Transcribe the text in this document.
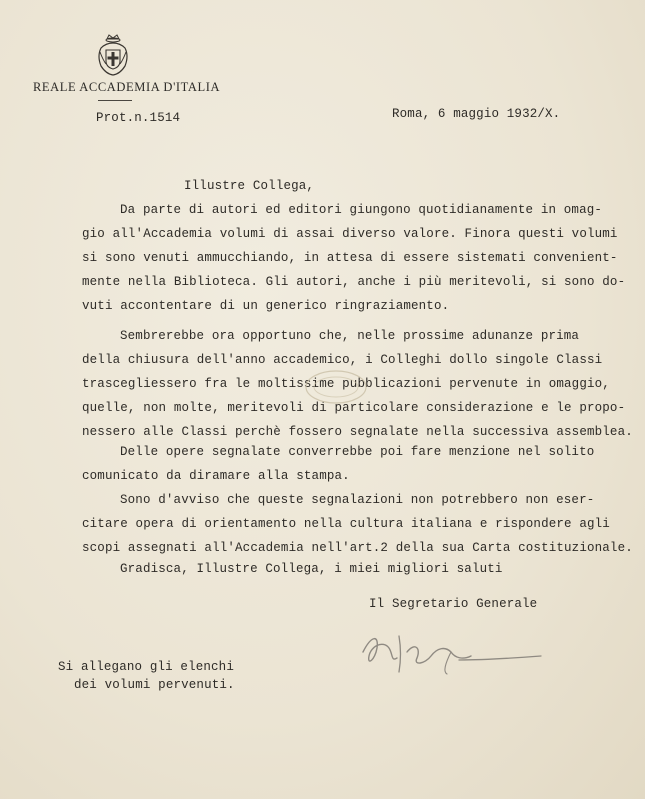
REALE ACCADEMIA D'ITALIA
Prot.n.1514	Roma, 6 maggio 1932/X.
Illustre Collega,
Da parte di autori ed editori giungono quotidianamente in omag-
gio all'Accademia volumi di assai diverso valore. Finora questi volumi
si sono venuti ammucchiando, in attesa di essere sistemati convenient-
mente nella Biblioteca. Gli autori, anche i più meritevoli, si sono do-
vuti accontentare di un generico ringraziamento.
Sembrerebbe ora opportuno che, nelle prossime adunanze prima
della chiusura dell'anno accademico, i Colleghi dollo singole Classi
trascegliessero fra le moltissime pubblicazioni pervenute in omaggio,
quelle, non molte, meritevoli di particolare considerazione e le propo-
nessero alle Classi perchè fossero segnalate nella successiva assemblea.
Delle opere segnalate converrebbe poi fare menzione nel solito
comunicato da diramare alla stampa.
Sono d'avviso che queste segnalazioni non potrebbero non eser-
citare opera di orientamento nella cultura italiana e rispondere agli
scopi assegnati all'Accademia nell'art.2 della sua Carta costituzionale.
Gradisca, Illustre Collega, i miei migliori saluti
Il Segretario Generale
Si allegano gli elenchi
dei volumi pervenuti.
